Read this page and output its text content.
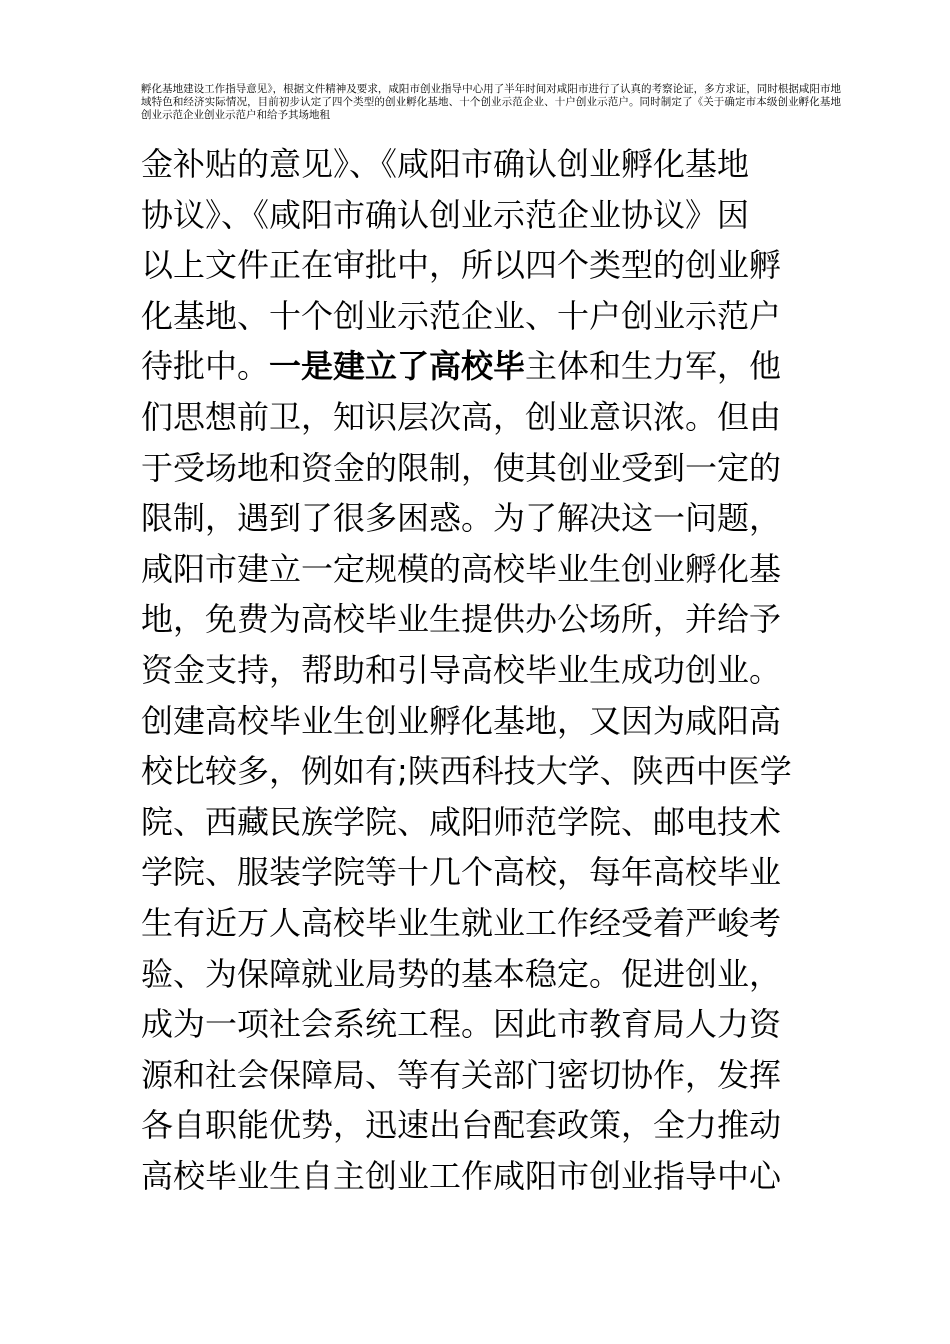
孵化基地建设工作指导意见》，根据文件精神及要求，咸阳市创业指导中心用了半年时间对咸阳市进行了认真的考察论证，多方求证，同时根据咸阳市地域特色和经济实际情况，目前初步认定了四个类型的创业孵化基地、十个创业示范企业、十户创业示范户。同时制定了《关于确定市本级创业孵化基地创业示范企业创业示范户和给予其场地租

金补贴的意见》、《咸阳市确认创业孵化基地
协议》、《咸阳市确认创业示范企业协议》因
以上文件正在审批中，所以四个类型的创业孵
化基地、十个创业示范企业、十户创业示范户
待批中。一是建立了高校毕主体和生力军，他
们思想前卫，知识层次高，创业意识浓。但由
于受场地和资金的限制，使其创业受到一定的
限制，遇到了很多困惑。为了解决这一问题，
咸阳市建立一定规模的高校毕业生创业孵化基
地，免费为高校毕业生提供办公场所，并给予
资金支持，帮助和引导高校毕业生成功创业。
创建高校毕业生创业孵化基地，又因为咸阳高
校比较多，例如有;陕西科技大学、陕西中医学
院、西藏民族学院、咸阳师范学院、邮电技术
学院、服装学院等十几个高校，每年高校毕业
生有近万人高校毕业生就业工作经受着严峻考
验、为保障就业局势的基本稳定。促进创业，
成为一项社会系统工程。因此市教育局人力资
源和社会保障局、等有关部门密切协作，发挥
各自职能优势，迅速出台配套政策，全力推动
高校毕业生自主创业工作咸阳市创业指导中心
